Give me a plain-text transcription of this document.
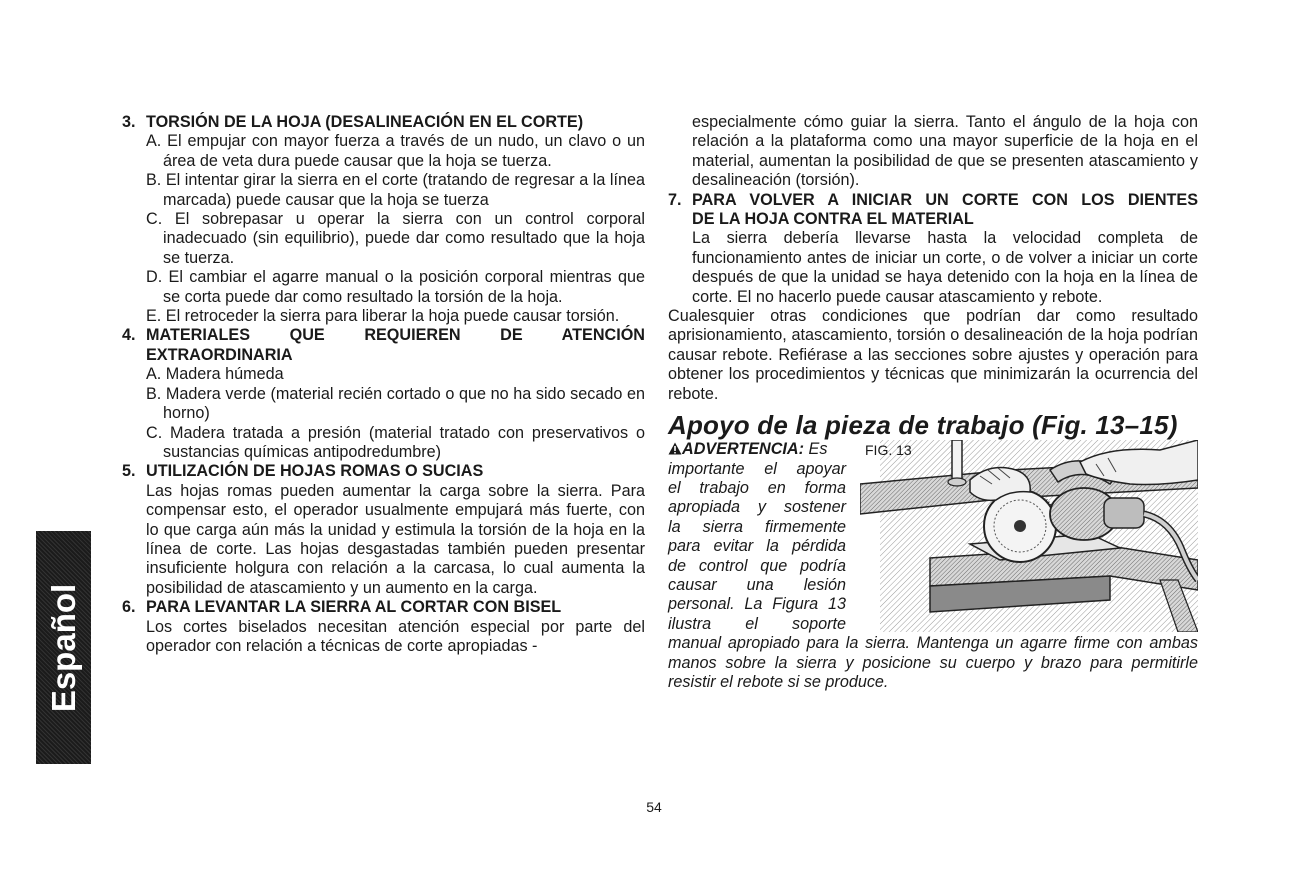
Español
3. TORSIÓN DE LA HOJA (DESALINEACIÓN EN EL CORTE)
A. El empujar con mayor fuerza a través de un nudo, un clavo o un área de veta dura puede causar que la hoja se tuerza.
B. El intentar girar la sierra en el corte (tratando de regresar a la línea marcada) puede causar que la hoja se tuerza
C. El sobrepasar u operar la sierra con un control corporal inadecuado (sin equilibrio), puede dar como resultado que la hoja se tuerza.
D. El cambiar el agarre manual o la posición corporal mientras que se corta puede dar como resultado la torsión de la hoja.
E. El retroceder la sierra para liberar la hoja puede causar torsión.
4. MATERIALES QUE REQUIEREN DE ATENCIÓN
EXTRAORDINARIA
A. Madera húmeda
B. Madera verde (material recién cortado o que no ha sido secado en horno)
C. Madera tratada a presión (material tratado con preservativos o sustancias químicas antipodredumbre)
5. UTILIZACIÓN DE HOJAS ROMAS O SUCIAS
Las hojas romas pueden aumentar la carga sobre la sierra. Para compensar esto, el operador usualmente empujará más fuerte, con lo que carga aún más la unidad y estimula la torsión de la hoja en la línea de corte. Las hojas desgastadas también pueden presentar insuficiente holgura con relación a la carcasa, lo cual aumenta la posibilidad de atascamiento y un aumento en la carga.
6. PARA LEVANTAR LA SIERRA AL CORTAR CON BISEL
Los cortes biselados necesitan atención especial por parte del operador con relación a técnicas de corte apropiadas -
especialmente cómo guiar la sierra. Tanto el ángulo de la hoja con relación a la plataforma como una mayor superficie de la hoja en el material, aumentan la posibilidad de que se presenten atascamiento y desalineación (torsión).
7. PARA VOLVER A INICIAR UN CORTE CON LOS DIENTES
DE LA HOJA CONTRA EL MATERIAL
La sierra debería llevarse hasta la velocidad completa de funcionamiento antes de iniciar un corte, o de volver a iniciar un corte después de que la unidad se haya detenido con la hoja en la línea de corte. El no hacerlo puede causar atascamiento y rebote.
Cualesquier otras condiciones que podrían dar como resultado aprisionamiento, atascamiento, torsión o desalineación de la hoja podrían causar rebote. Refiérase a las secciones sobre ajustes y operación para obtener los procedimientos y técnicas que minimizarán la ocurrencia del rebote.
Apoyo de la pieza de trabajo (Fig. 13–15)
ADVERTENCIA: Es
importante el apoyar
el trabajo en forma
apropiada y sostener
la sierra firmemente
para evitar la pérdida
de control que podría
causar una lesión
personal. La Figura 13
ilustra el soporte
FIG. 13
manual apropiado para la sierra. Mantenga un agarre firme con ambas manos sobre la sierra y posicione su cuerpo y brazo para permitirle resistir el rebote si se produce.
54
